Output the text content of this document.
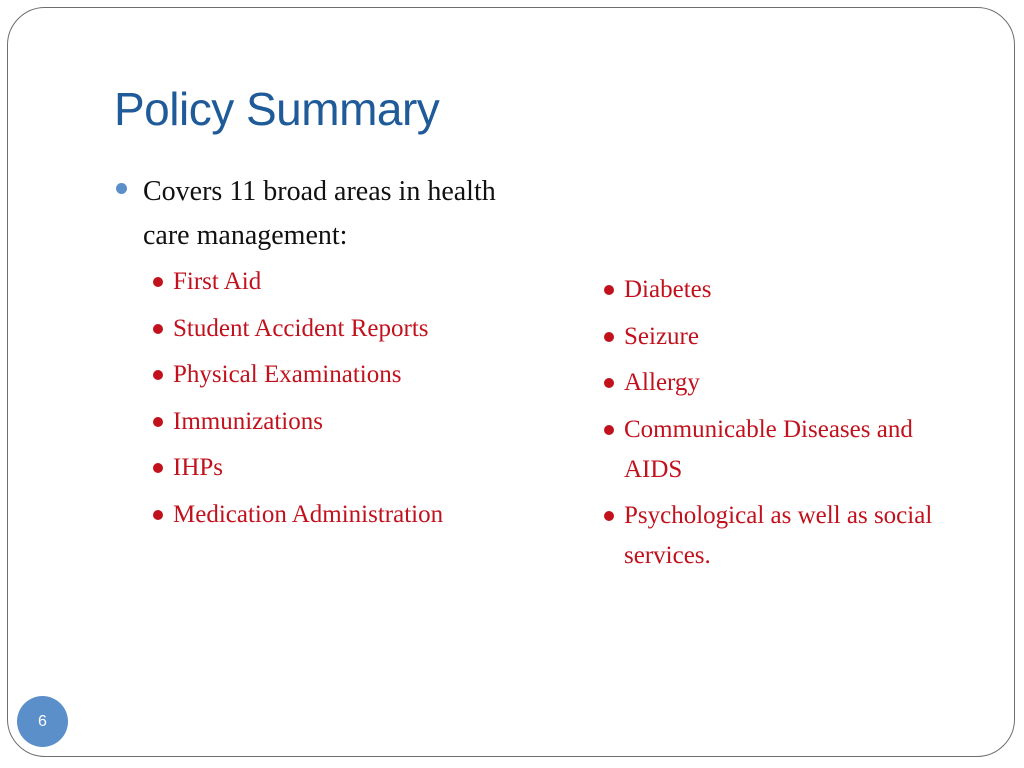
Policy Summary
Covers 11 broad areas in health care management:
First Aid
Student Accident Reports
Physical Examinations
Immunizations
IHPs
Medication Administration
Diabetes
Seizure
Allergy
Communicable Diseases and AIDS
Psychological as well as social services.
6
